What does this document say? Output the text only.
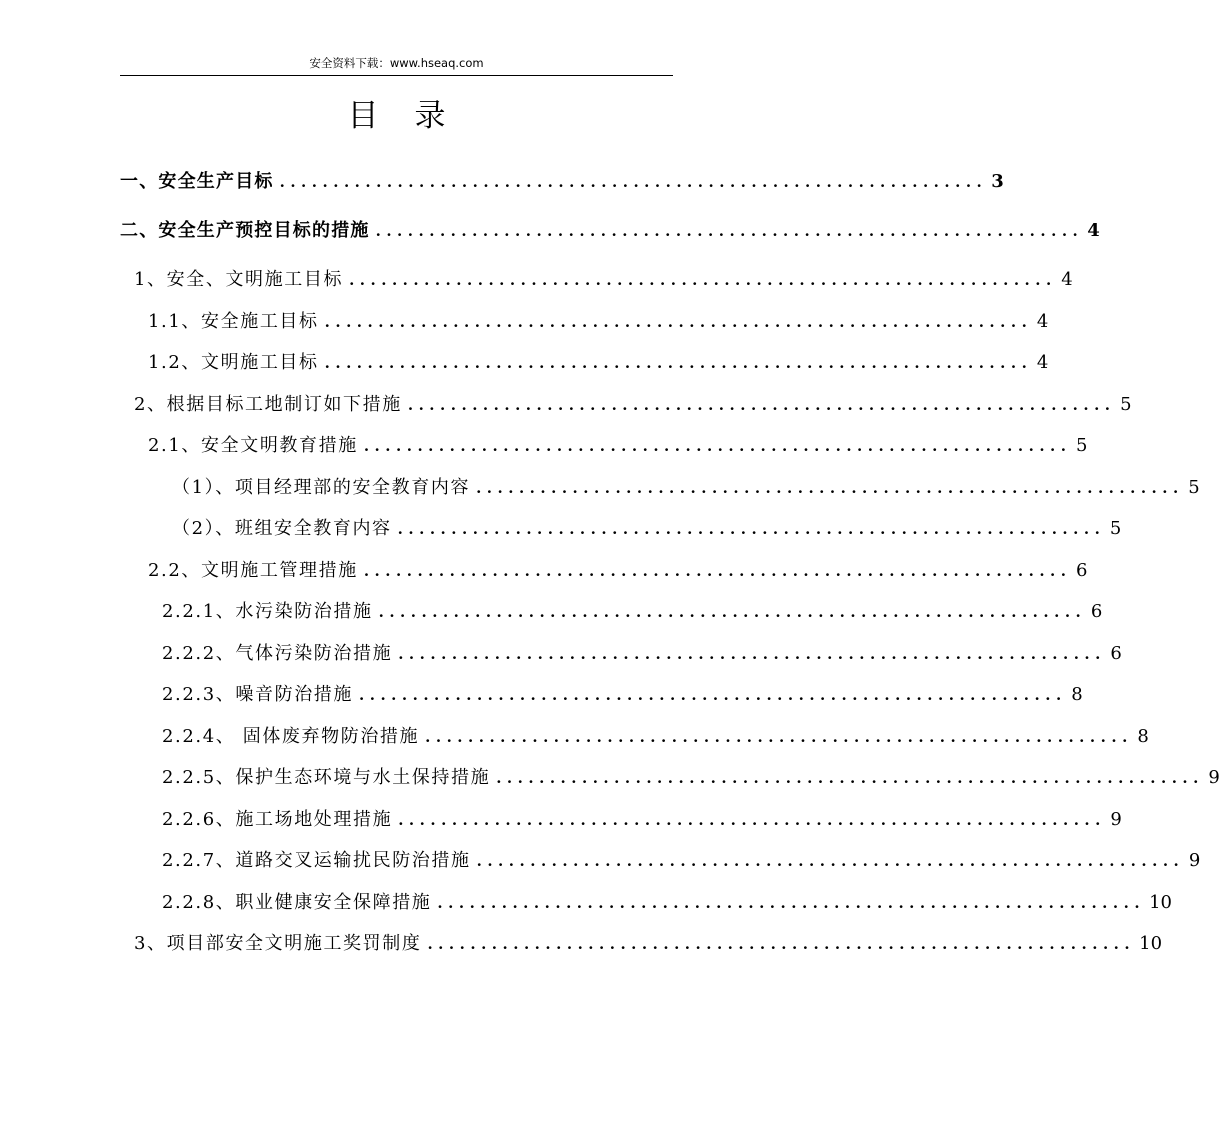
安全资料下载：www.hseaq.com
目 录
一、安全生产目标 .................................................................. 3
二、安全生产预控目标的措施 .................................................................. 4
1、安全、文明施工目标 .................................................................. 4
1.1、安全施工目标 .................................................................. 4
1.2、文明施工目标 .................................................................. 4
2、根据目标工地制订如下措施 .................................................................. 5
2.1、安全文明教育措施 .................................................................. 5
（1）、项目经理部的安全教育内容 .................................................................. 5
（2）、班组安全教育内容 .................................................................. 5
2.2、文明施工管理措施 .................................................................. 6
2.2.1、水污染防治措施 .................................................................. 6
2.2.2、气体污染防治措施 .................................................................. 6
2.2.3、噪音防治措施 .................................................................. 8
2.2.4、 固体废弃物防治措施 .................................................................. 8
2.2.5、保护生态环境与水土保持措施 .................................................................. 9
2.2.6、施工场地处理措施 .................................................................. 9
2.2.7、道路交叉运输扰民防治措施 .................................................................. 9
2.2.8、职业健康安全保障措施 .................................................................. 10
3、项目部安全文明施工奖罚制度 .................................................................. 10
